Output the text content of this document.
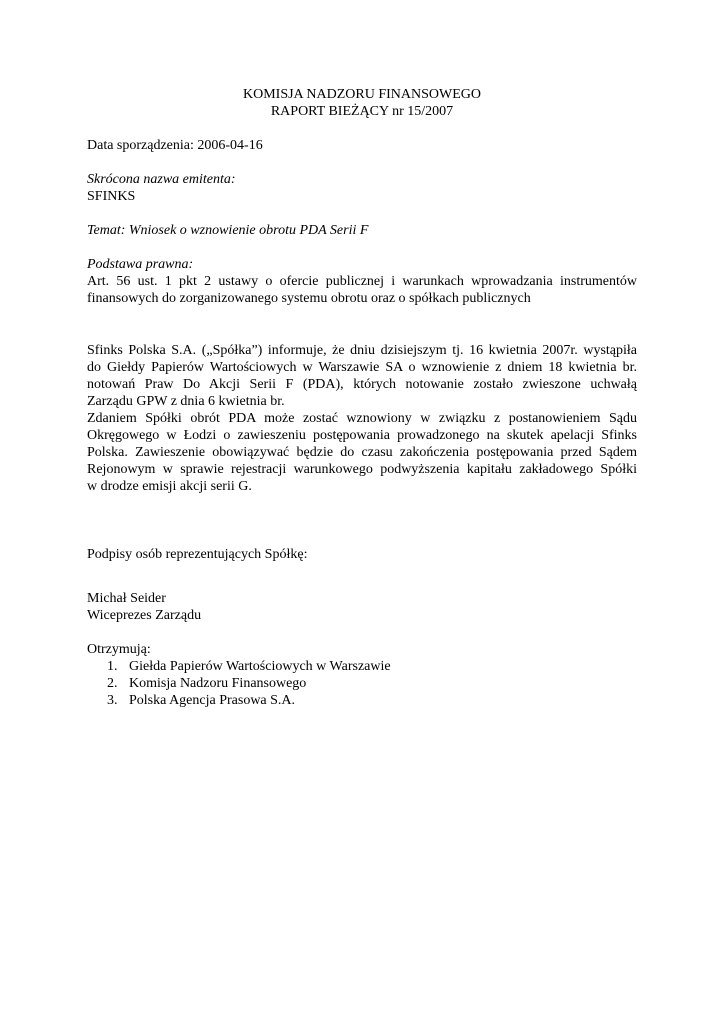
KOMISJA NADZORU FINANSOWEGO
RAPORT BIEŻĄCY nr 15/2007
Data sporządzenia: 2006-04-16
Skrócona nazwa emitenta:
SFINKS
Temat: Wniosek o wznowienie obrotu PDA Serii F
Podstawa prawna:
Art. 56 ust. 1 pkt 2 ustawy o ofercie publicznej i warunkach wprowadzania instrumentów
finansowych do zorganizowanego systemu obrotu oraz o spółkach publicznych
Sfinks Polska S.A. („Spółka”) informuje, że dniu dzisiejszym tj. 16 kwietnia 2007r. wystąpiła
do Giełdy Papierów Wartościowych w Warszawie SA o wznowienie z dniem 18 kwietnia br.
notowań Praw Do Akcji Serii F (PDA), których notowanie zostało zwieszone uchwałą
Zarządu GPW z dnia 6 kwietnia br.
Zdaniem Spółki obrót PDA może zostać wznowiony w związku z postanowieniem Sądu
Okręgowego w Łodzi o zawieszeniu postępowania prowadzonego na skutek apelacji Sfinks
Polska. Zawieszenie obowiązywać będzie do czasu zakończenia postępowania przed Sądem
Rejonowym w sprawie rejestracji warunkowego podwyższenia kapitału zakładowego Spółki
w drodze emisji akcji serii G.
Podpisy osób reprezentujących Spółkę:
Michał Seider
Wiceprezes Zarządu
Otrzymują:
1. Giełda Papierów Wartościowych w Warszawie
2. Komisja Nadzoru Finansowego
3. Polska Agencja Prasowa S.A.
